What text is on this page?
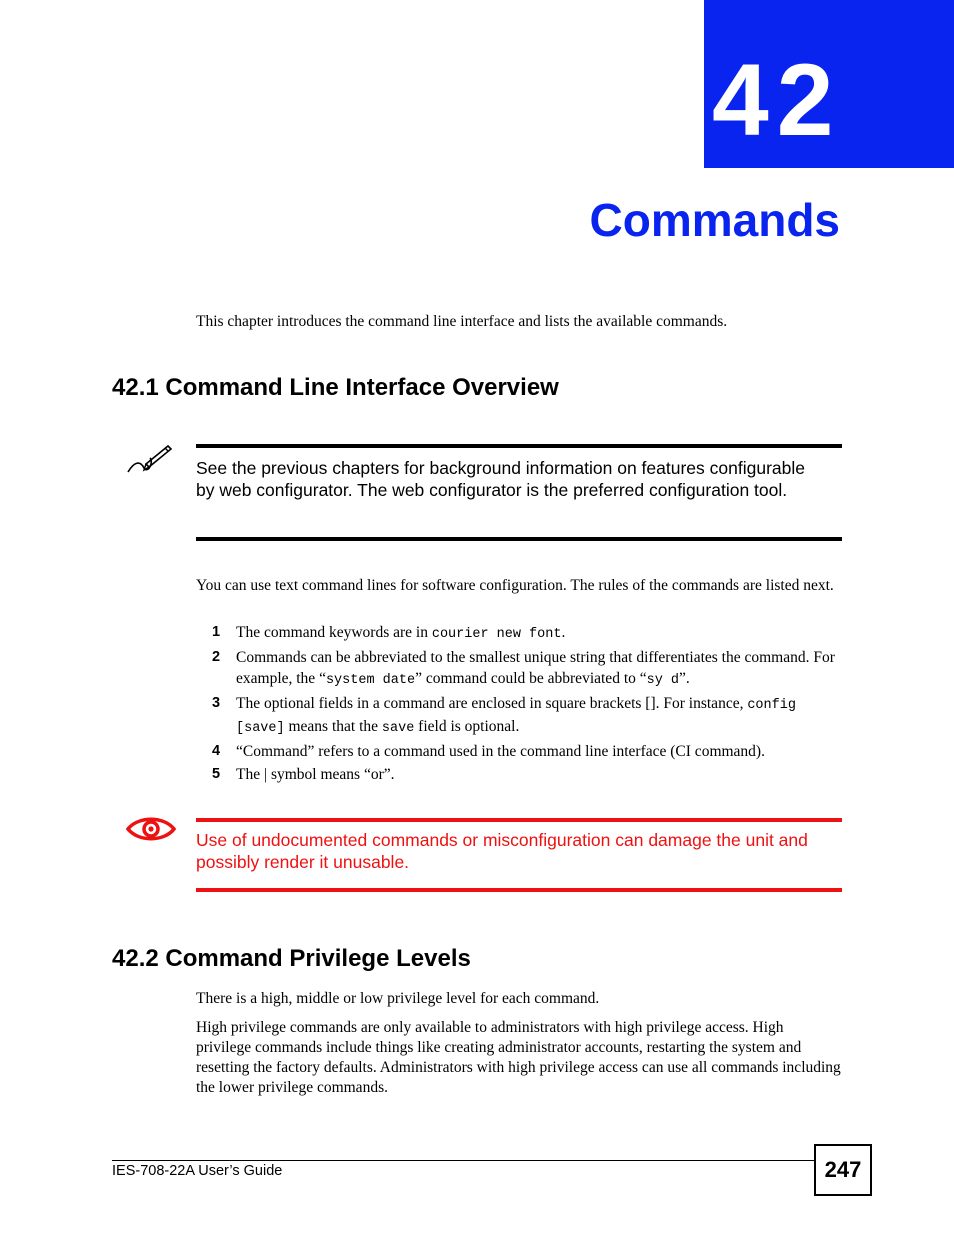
42
Commands

This chapter introduces the command line interface and lists the available commands.

42.1 Command Line Interface Overview
See the previous chapters for background information on features configurable by web configurator. The web configurator is the preferred configuration tool.

You can use text command lines for software configuration. The rules of the commands are listed next.

1 The command keywords are in courier new font.
2 Commands can be abbreviated to the smallest unique string that differentiates the command. For example, the “system date” command could be abbreviated to “sy d”.
3 The optional fields in a command are enclosed in square brackets []. For instance, config [save] means that the save field is optional.
4 “Command” refers to a command used in the command line interface (CI command).
5 The | symbol means “or”.
Use of undocumented commands or misconfiguration can damage the unit and possibly render it unusable.
42.2 Command Privilege Levels

There is a high, middle or low privilege level for each command.

High privilege commands are only available to administrators with high privilege access. High privilege commands include things like creating administrator accounts, restarting the system and resetting the factory defaults. Administrators with high privilege access can use all commands including the lower privilege commands.

IES-708-22A User’s Guide	247
